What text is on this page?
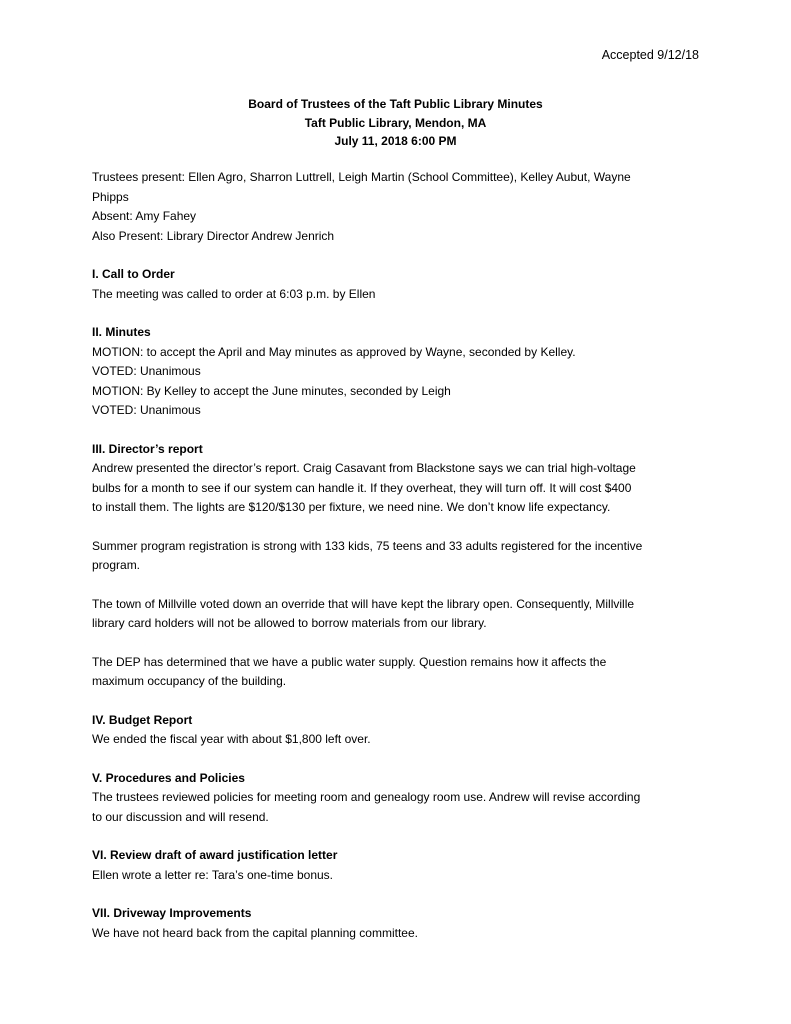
Accepted 9/12/18

Board of Trustees of the Taft Public Library Minutes

Taft Public Library, Mendon, MA

July 11, 2018 6:00 PM

Trustees present: Ellen Agro, Sharron Luttrell, Leigh Martin (School Committee), Kelley Aubut, Wayne

Phipps

Absent: Amy Fahey

Also Present: Library Director Andrew Jenrich

I. Call to Order

The meeting was called to order at 6:03 p.m. by Ellen

II. Minutes

MOTION: to accept the April and May minutes as approved by Wayne, seconded by Kelley.

VOTED: Unanimous

MOTION: By Kelley to accept the June minutes, seconded by Leigh

VOTED: Unanimous

III. Director’s report

Andrew presented the director’s report. Craig Casavant from Blackstone says we can trial high-voltage

bulbs for a month to see if our system can handle it. If they overheat, they will turn off. It will cost $400

to install them. The lights are $120/$130 per fixture, we need nine. We don’t know life expectancy.

Summer program registration is strong with 133 kids, 75 teens and 33 adults registered for the incentive

program.

The town of Millville voted down an override that will have kept the library open. Consequently, Millville

library card holders will not be allowed to borrow materials from our library.

The DEP has determined that we have a public water supply. Question remains how it affects the

maximum occupancy of the building.

IV. Budget Report

We ended the fiscal year with about $1,800 left over.

V. Procedures and Policies

The trustees reviewed policies for meeting room and genealogy room use. Andrew will revise according

to our discussion and will resend.

VI. Review draft of award justification letter

Ellen wrote a letter re: Tara’s one-time bonus.

VII. Driveway Improvements

We have not heard back from the capital planning committee.
